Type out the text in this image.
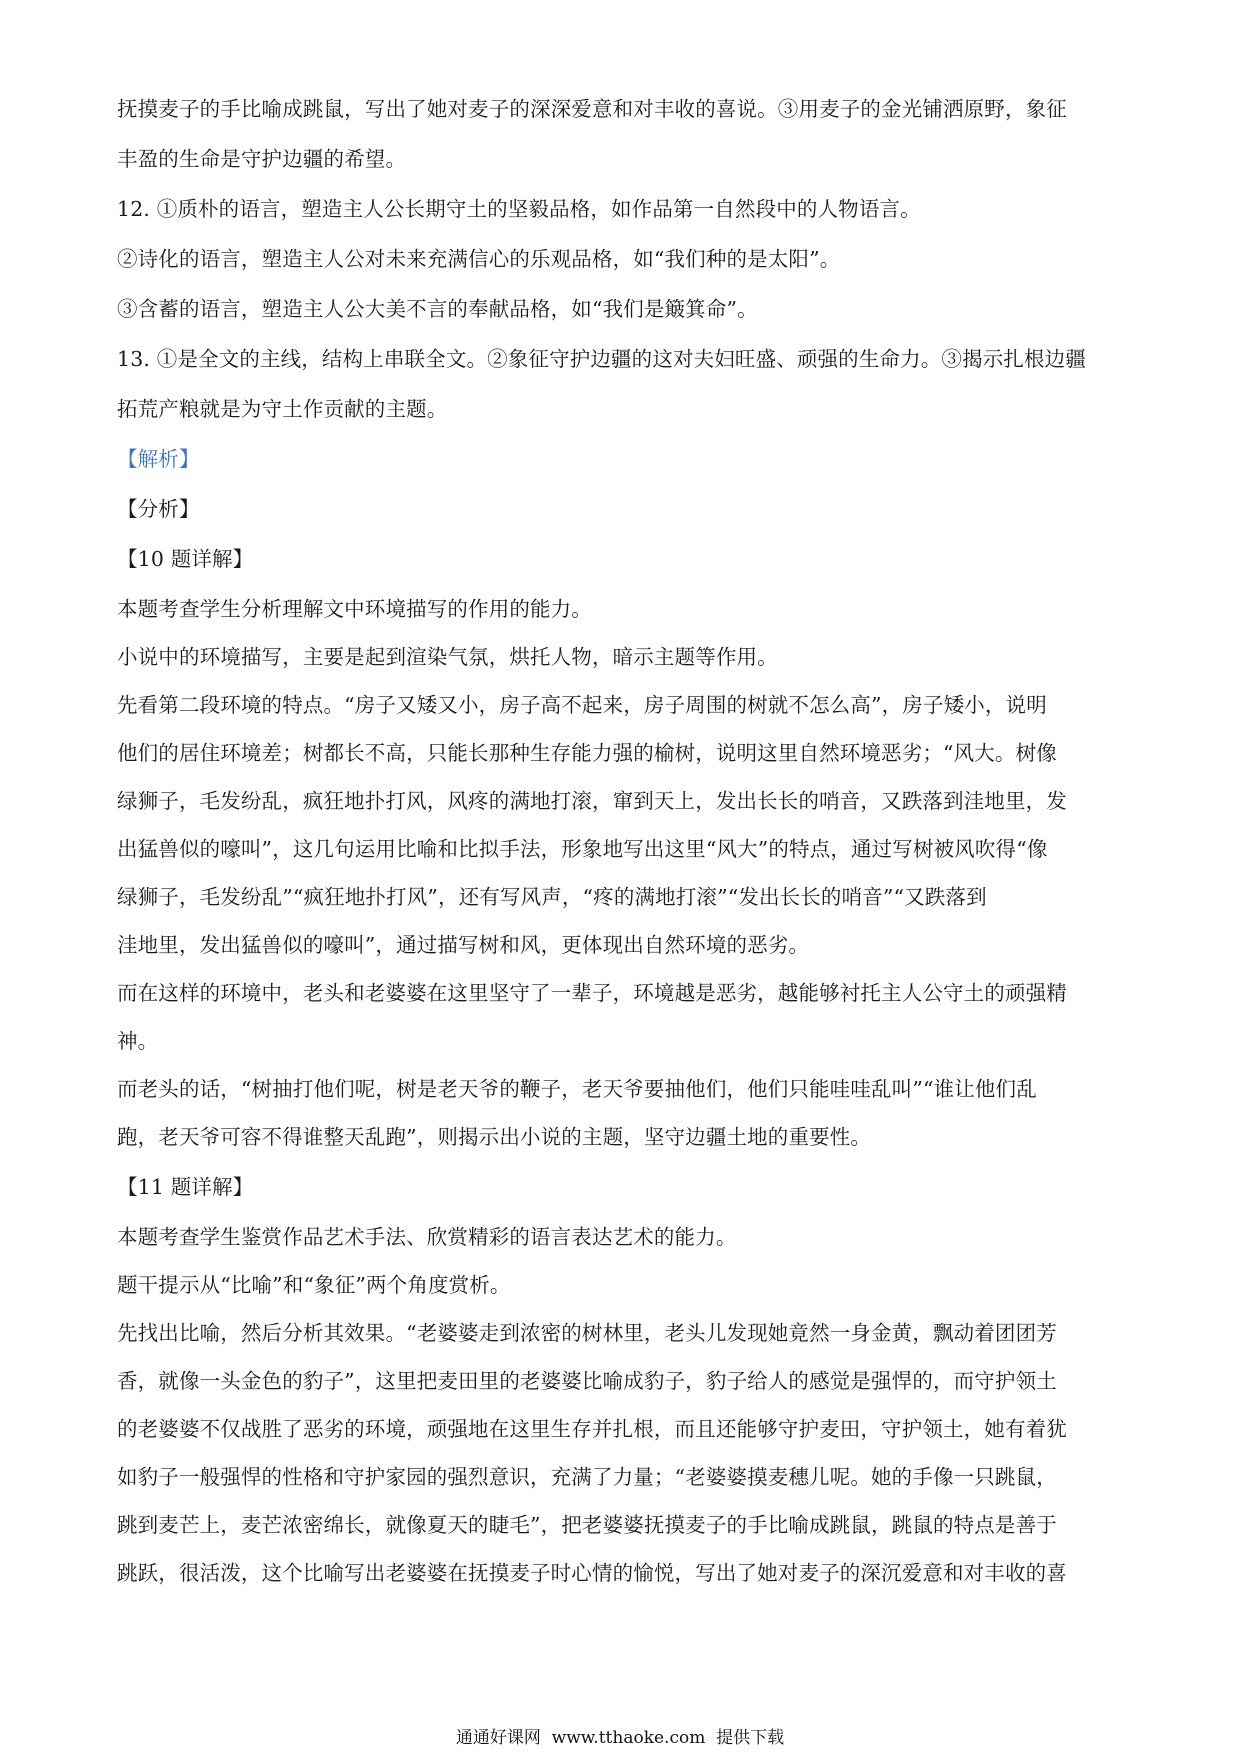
抚摸麦子的手比喻成跳鼠，写出了她对麦子的深深爱意和对丰收的喜说。③用麦子的金光铺洒原野，象征
丰盈的生命是守护边疆的希望。
12. ①质朴的语言，塑造主人公长期守土的坚毅品格，如作品第一自然段中的人物语言。
②诗化的语言，塑造主人公对未来充满信心的乐观品格，如“我们种的是太阳”。
③含蓄的语言，塑造主人公大美不言的奉献品格，如“我们是簸箕命”。
13. ①是全文的主线，结构上串联全文。②象征守护边疆的这对夫妇旺盛、顽强的生命力。③揭示扎根边疆
拓荒产粮就是为守土作贡献的主题。
【解析】
【分析】
【10 题详解】
本题考查学生分析理解文中环境描写的作用的能力。
小说中的环境描写，主要是起到渲染气氛，烘托人物，暗示主题等作用。
先看第二段环境的特点。“房子又矮又小，房子高不起来，房子周围的树就不怎么高”，房子矮小，说明
他们的居住环境差；树都长不高，只能长那种生存能力强的榆树，说明这里自然环境恶劣；“风大。树像
绿狮子，毛发纷乱，疯狂地扑打风，风疼的满地打滚，窜到天上，发出长长的哨音，又跌落到洼地里，发
出猛兽似的嚎叫”，这几句运用比喻和比拟手法，形象地写出这里“风大”的特点，通过写树被风吹得“像
绿狮子，毛发纷乱”“疯狂地扑打风”，还有写风声，“疼的满地打滚”“发出长长的哨音”“又跌落到
洼地里，发出猛兽似的嚎叫”，通过描写树和风，更体现出自然环境的恶劣。
而在这样的环境中，老头和老婆婆在这里坚守了一辈子，环境越是恶劣，越能够衬托主人公守土的顽强精
神。
而老头的话，“树抽打他们呢，树是老天爷的鞭子，老天爷要抽他们，他们只能哇哇乱叫”“谁让他们乱
跑，老天爷可容不得谁整天乱跑”，则揭示出小说的主题，坚守边疆土地的重要性。
【11 题详解】
本题考查学生鉴赏作品艺术手法、欣赏精彩的语言表达艺术的能力。
题干提示从“比喻”和“象征”两个角度赏析。
先找出比喻，然后分析其效果。“老婆婆走到浓密的树林里，老头儿发现她竟然一身金黄，飘动着团团芳
香，就像一头金色的豹子”，这里把麦田里的老婆婆比喻成豹子，豹子给人的感觉是强悍的，而守护领土
的老婆婆不仅战胜了恶劣的环境，顽强地在这里生存并扎根，而且还能够守护麦田，守护领土，她有着犹
如豹子一般强悍的性格和守护家园的强烈意识，充满了力量；“老婆婆摸麦穗儿呢。她的手像一只跳鼠，
跳到麦芒上，麦芒浓密绵长，就像夏天的睫毛”，把老婆婆抚摸麦子的手比喻成跳鼠，跳鼠的特点是善于
跳跃，很活泼，这个比喻写出老婆婆在抚摸麦子时心情的愉悦，写出了她对麦子的深沉爱意和对丰收的喜
通通好课网  www.tthaoke.com  提供下载
